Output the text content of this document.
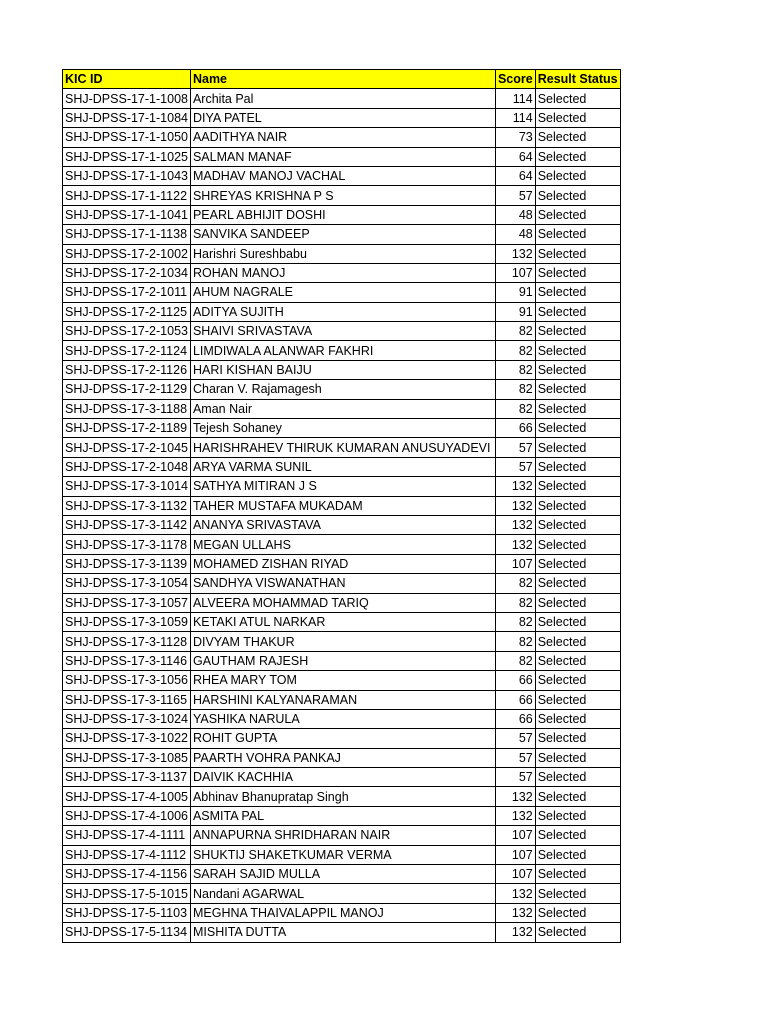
KIC ID	Name	Score	Result Status
SHJ-DPSS-17-1-1008	Archita Pal	114	Selected
SHJ-DPSS-17-1-1084	DIYA PATEL	114	Selected
SHJ-DPSS-17-1-1050	AADITHYA NAIR	73	Selected
SHJ-DPSS-17-1-1025	SALMAN MANAF	64	Selected
SHJ-DPSS-17-1-1043	MADHAV MANOJ VACHAL	64	Selected
SHJ-DPSS-17-1-1122	SHREYAS KRISHNA P S	57	Selected
SHJ-DPSS-17-1-1041	PEARL ABHIJIT DOSHI	48	Selected
SHJ-DPSS-17-1-1138	SANVIKA SANDEEP	48	Selected
SHJ-DPSS-17-2-1002	Harishri Sureshbabu	132	Selected
SHJ-DPSS-17-2-1034	ROHAN MANOJ	107	Selected
SHJ-DPSS-17-2-1011	AHUM NAGRALE	91	Selected
SHJ-DPSS-17-2-1125	ADITYA SUJITH	91	Selected
SHJ-DPSS-17-2-1053	SHAIVI SRIVASTAVA	82	Selected
SHJ-DPSS-17-2-1124	LIMDIWALA ALANWAR FAKHRI	82	Selected
SHJ-DPSS-17-2-1126	HARI KISHAN BAIJU	82	Selected
SHJ-DPSS-17-2-1129	Charan V. Rajamagesh	82	Selected
SHJ-DPSS-17-3-1188	Aman Nair	82	Selected
SHJ-DPSS-17-2-1189	Tejesh Sohaney	66	Selected
SHJ-DPSS-17-2-1045	HARISHRAHEV THIRUK KUMARAN ANUSUYADEVI	57	Selected
SHJ-DPSS-17-2-1048	ARYA VARMA SUNIL	57	Selected
SHJ-DPSS-17-3-1014	SATHYA MITIRAN J S	132	Selected
SHJ-DPSS-17-3-1132	TAHER MUSTAFA MUKADAM	132	Selected
SHJ-DPSS-17-3-1142	ANANYA SRIVASTAVA	132	Selected
SHJ-DPSS-17-3-1178	MEGAN ULLAHS	132	Selected
SHJ-DPSS-17-3-1139	MOHAMED ZISHAN RIYAD	107	Selected
SHJ-DPSS-17-3-1054	SANDHYA VISWANATHAN	82	Selected
SHJ-DPSS-17-3-1057	ALVEERA MOHAMMAD TARIQ	82	Selected
SHJ-DPSS-17-3-1059	KETAKI ATUL NARKAR	82	Selected
SHJ-DPSS-17-3-1128	DIVYAM THAKUR	82	Selected
SHJ-DPSS-17-3-1146	GAUTHAM RAJESH	82	Selected
SHJ-DPSS-17-3-1056	RHEA MARY TOM	66	Selected
SHJ-DPSS-17-3-1165	HARSHINI KALYANARAMAN	66	Selected
SHJ-DPSS-17-3-1024	YASHIKA NARULA	66	Selected
SHJ-DPSS-17-3-1022	ROHIT GUPTA	57	Selected
SHJ-DPSS-17-3-1085	PAARTH VOHRA PANKAJ	57	Selected
SHJ-DPSS-17-3-1137	DAIVIK KACHHIA	57	Selected
SHJ-DPSS-17-4-1005	Abhinav Bhanupratap Singh	132	Selected
SHJ-DPSS-17-4-1006	ASMITA PAL	132	Selected
SHJ-DPSS-17-4-1111	ANNAPURNA SHRIDHARAN NAIR	107	Selected
SHJ-DPSS-17-4-1112	SHUKTIJ SHAKETKUMAR VERMA	107	Selected
SHJ-DPSS-17-4-1156	SARAH SAJID MULLA	107	Selected
SHJ-DPSS-17-5-1015	Nandani AGARWAL	132	Selected
SHJ-DPSS-17-5-1103	MEGHNA THAIVALAPPIL MANOJ	132	Selected
SHJ-DPSS-17-5-1134	MISHITA DUTTA	132	Selected
